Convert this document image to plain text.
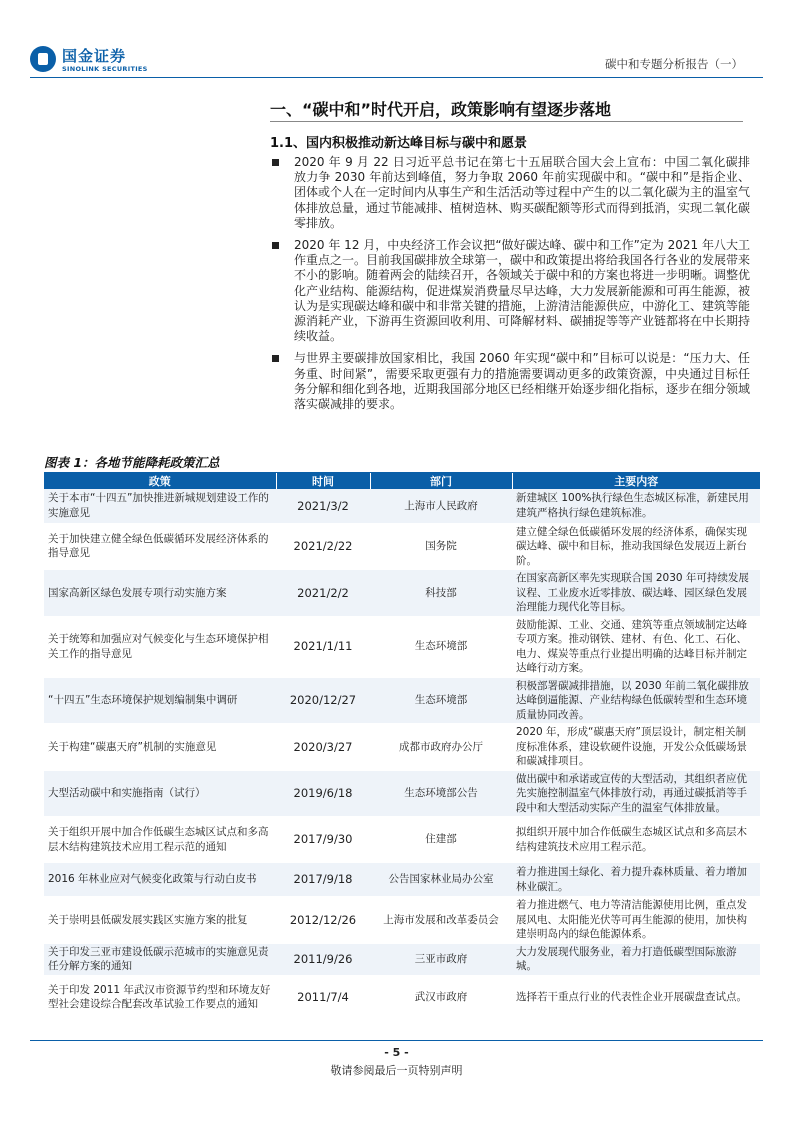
国金证券
SINOLINK SECURITIES	碳中和专题分析报告（一）
一、“碳中和”时代开启，政策影响有望逐步落地
1.1、国内积极推动新达峰目标与碳中和愿景
2020 年 9 月 22 日习近平总书记在第七十五届联合国大会上宣布：中国二氧化碳排放力争 2030 年前达到峰值，努力争取 2060 年前实现碳中和。“碳中和”是指企业、团体或个人在一定时间内从事生产和生活活动等过程中产生的以二氧化碳为主的温室气体排放总量，通过节能减排、植树造林、购买碳配额等形式而得到抵消，实现二氧化碳零排放。
2020 年 12 月，中央经济工作会议把“做好碳达峰、碳中和工作”定为 2021 年八大工作重点之一。目前我国碳排放全球第一，碳中和政策提出将给我国各行各业的发展带来不小的影响。随着两会的陆续召开，各领域关于碳中和的方案也将进一步明晰。调整优化产业结构、能源结构，促进煤炭消费量尽早达峰，大力发展新能源和可再生能源，被认为是实现碳达峰和碳中和非常关键的措施，上游清洁能源供应，中游化工、建筑等能源消耗产业，下游再生资源回收利用、可降解材料、碳捕捉等等产业链都将在中长期持续收益。
与世界主要碳排放国家相比，我国 2060 年实现“碳中和”目标可以说是：“压力大、任务重、时间紧”，需要采取更强有力的措施需要调动更多的政策资源，中央通过目标任务分解和细化到各地，近期我国部分地区已经相继开始逐步细化指标，逐步在细分领域落实碳减排的要求。
图表 1：各地节能降耗政策汇总
政策	时间	部门	主要内容
关于本市“十四五”加快推进新城规划建设工作的实施意见	2021/3/2	上海市人民政府	新建城区 100%执行绿色生态城区标准，新建民用建筑严格执行绿色建筑标准。
关于加快建立健全绿色低碳循环发展经济体系的指导意见	2021/2/22	国务院	建立健全绿色低碳循环发展的经济体系，确保实现碳达峰、碳中和目标，推动我国绿色发展迈上新台阶。
国家高新区绿色发展专项行动实施方案	2021/2/2	科技部	在国家高新区率先实现联合国 2030 年可持续发展议程、工业废水近零排放、碳达峰、园区绿色发展治理能力现代化等目标。
关于统筹和加强应对气候变化与生态环境保护相关工作的指导意见	2021/1/11	生态环境部	鼓励能源、工业、交通、建筑等重点领域制定达峰专项方案。推动钢铁、建材、有色、化工、石化、电力、煤炭等重点行业提出明确的达峰目标并制定达峰行动方案。
“十四五”生态环境保护规划编制集中调研	2020/12/27	生态环境部	积极部署碳减排措施，以 2030 年前二氧化碳排放达峰倒逼能源、产业结构绿色低碳转型和生态环境质量协同改善。
关于构建“碳惠天府”机制的实施意见	2020/3/27	成都市政府办公厅	2020 年，形成“碳惠天府”顶层设计，制定相关制度标准体系，建设软硬件设施，开发公众低碳场景和碳减排项目。
大型活动碳中和实施指南（试行）	2019/6/18	生态环境部公告	做出碳中和承诺或宣传的大型活动，其组织者应优先实施控制温室气体排放行动，再通过碳抵消等手段中和大型活动实际产生的温室气体排放量。
关于组织开展中加合作低碳生态城区试点和多高层木结构建筑技术应用工程示范的通知	2017/9/30	住建部	拟组织开展中加合作低碳生态城区试点和多高层木结构建筑技术应用工程示范。
2016 年林业应对气候变化政策与行动白皮书	2017/9/18	公告国家林业局办公室	着力推进国土绿化、着力提升森林质量、着力增加林业碳汇。
关于崇明县低碳发展实践区实施方案的批复	2012/12/26	上海市发展和改革委员会	着力推进燃气、电力等清洁能源使用比例，重点发展风电、太阳能光伏等可再生能源的使用，加快构建崇明岛内的绿色能源体系。
关于印发三亚市建设低碳示范城市的实施意见责任分解方案的通知	2011/9/26	三亚市政府	大力发展现代服务业，着力打造低碳型国际旅游城。
关于印发 2011 年武汉市资源节约型和环境友好型社会建设综合配套改革试验工作要点的通知	2011/7/4	武汉市政府	选择若干重点行业的代表性企业开展碳盘查试点。
- 5 -
敬请参阅最后一页特别声明
